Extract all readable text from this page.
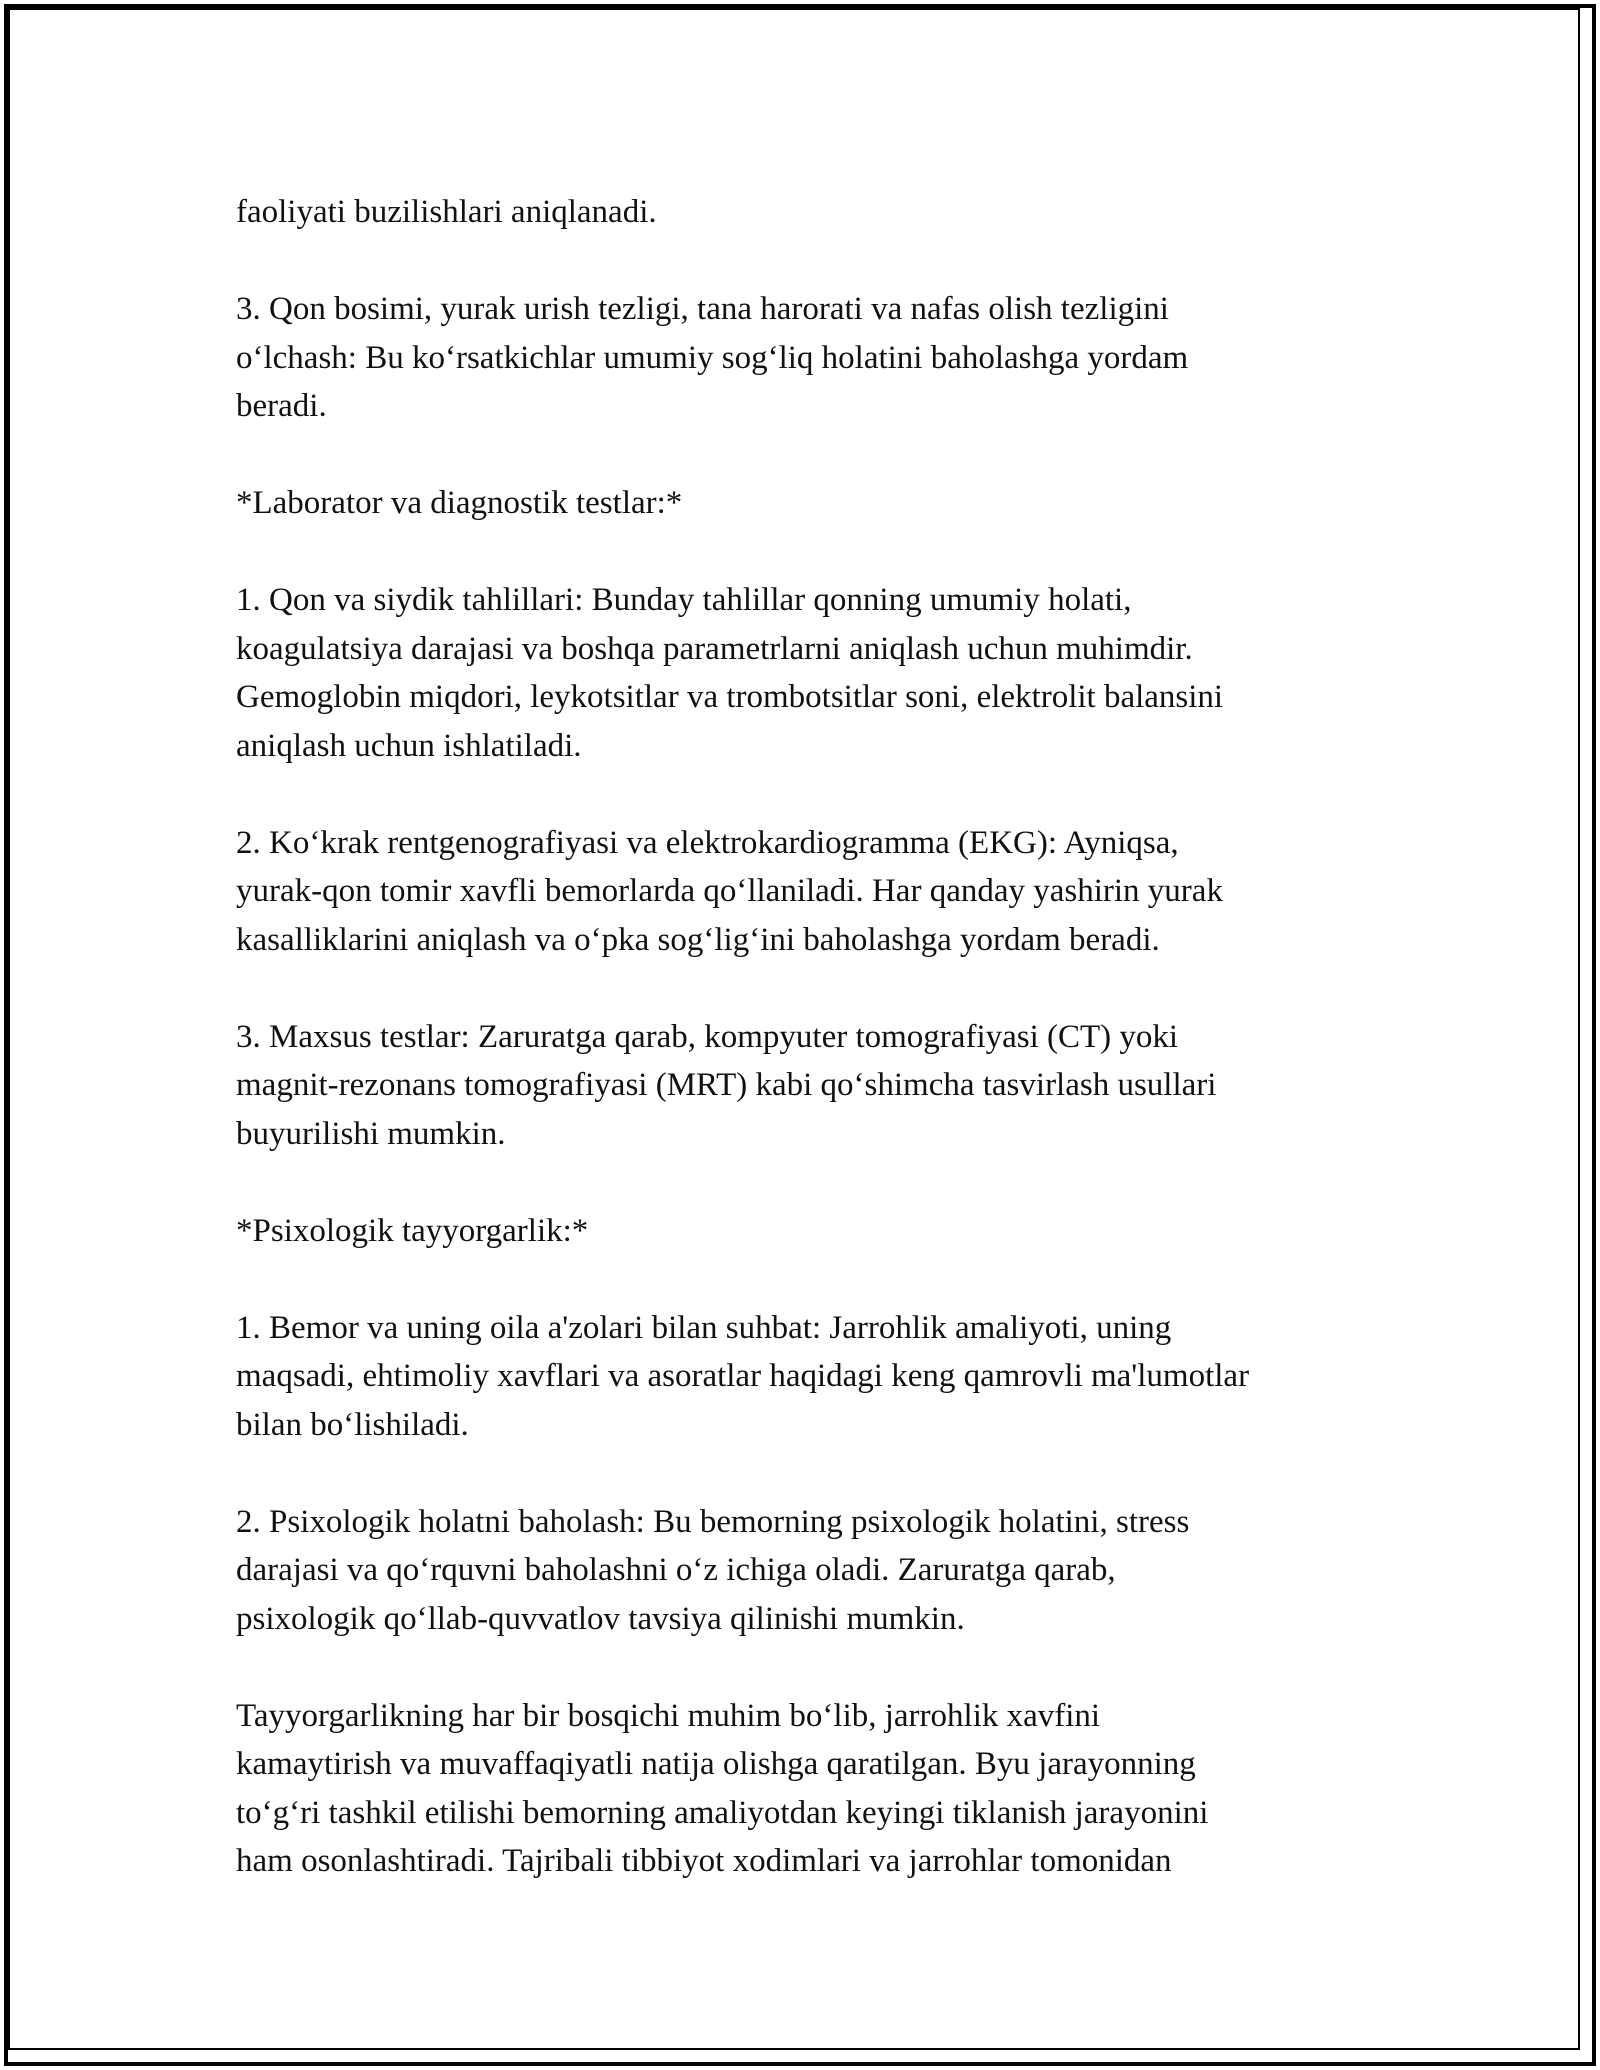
faoliyati buzilishlari aniqlanadi.

3. Qon bosimi, yurak urish tezligi, tana harorati va nafas olish tezligini
o‘lchash: Bu ko‘rsatkichlar umumiy sog‘liq holatini baholashga yordam
beradi.

*Laborator va diagnostik testlar:*

1. Qon va siydik tahlillari: Bunday tahlillar qonning umumiy holati,
koagulatsiya darajasi va boshqa parametrlarni aniqlash uchun muhimdir.
Gemoglobin miqdori, leykotsitlar va trombotsitlar soni, elektrolit balansini
aniqlash uchun ishlatiladi.

2. Ko‘krak rentgenografiyasi va elektrokardiogramma (EKG): Ayniqsa,
yurak-qon tomir xavfli bemorlarda qo‘llaniladi. Har qanday yashirin yurak
kasalliklarini aniqlash va o‘pka sog‘lig‘ini baholashga yordam beradi.

3. Maxsus testlar: Zaruratga qarab, kompyuter tomografiyasi (CT) yoki
magnit-rezonans tomografiyasi (MRT) kabi qo‘shimcha tasvirlash usullari
buyurilishi mumkin.

*Psixologik tayyorgarlik:*

1. Bemor va uning oila a'zolari bilan suhbat: Jarrohlik amaliyoti, uning
maqsadi, ehtimoliy xavflari va asoratlar haqidagi keng qamrovli ma'lumotlar
bilan bo‘lishiladi.

2. Psixologik holatni baholash: Bu bemorning psixologik holatini, stress
darajasi va qo‘rquvni baholashni o‘z ichiga oladi. Zaruratga qarab,
psixologik qo‘llab-quvvatlov tavsiya qilinishi mumkin.

Tayyorgarlikning har bir bosqichi muhim bo‘lib, jarrohlik xavfini
kamaytirish va muvaffaqiyatli natija olishga qaratilgan. Byu jarayonning
to‘g‘ri tashkil etilishi bemorning amaliyotdan keyingi tiklanish jarayonini
ham osonlashtiradi. Tajribali tibbiyot xodimlari va jarrohlar tomonidan
